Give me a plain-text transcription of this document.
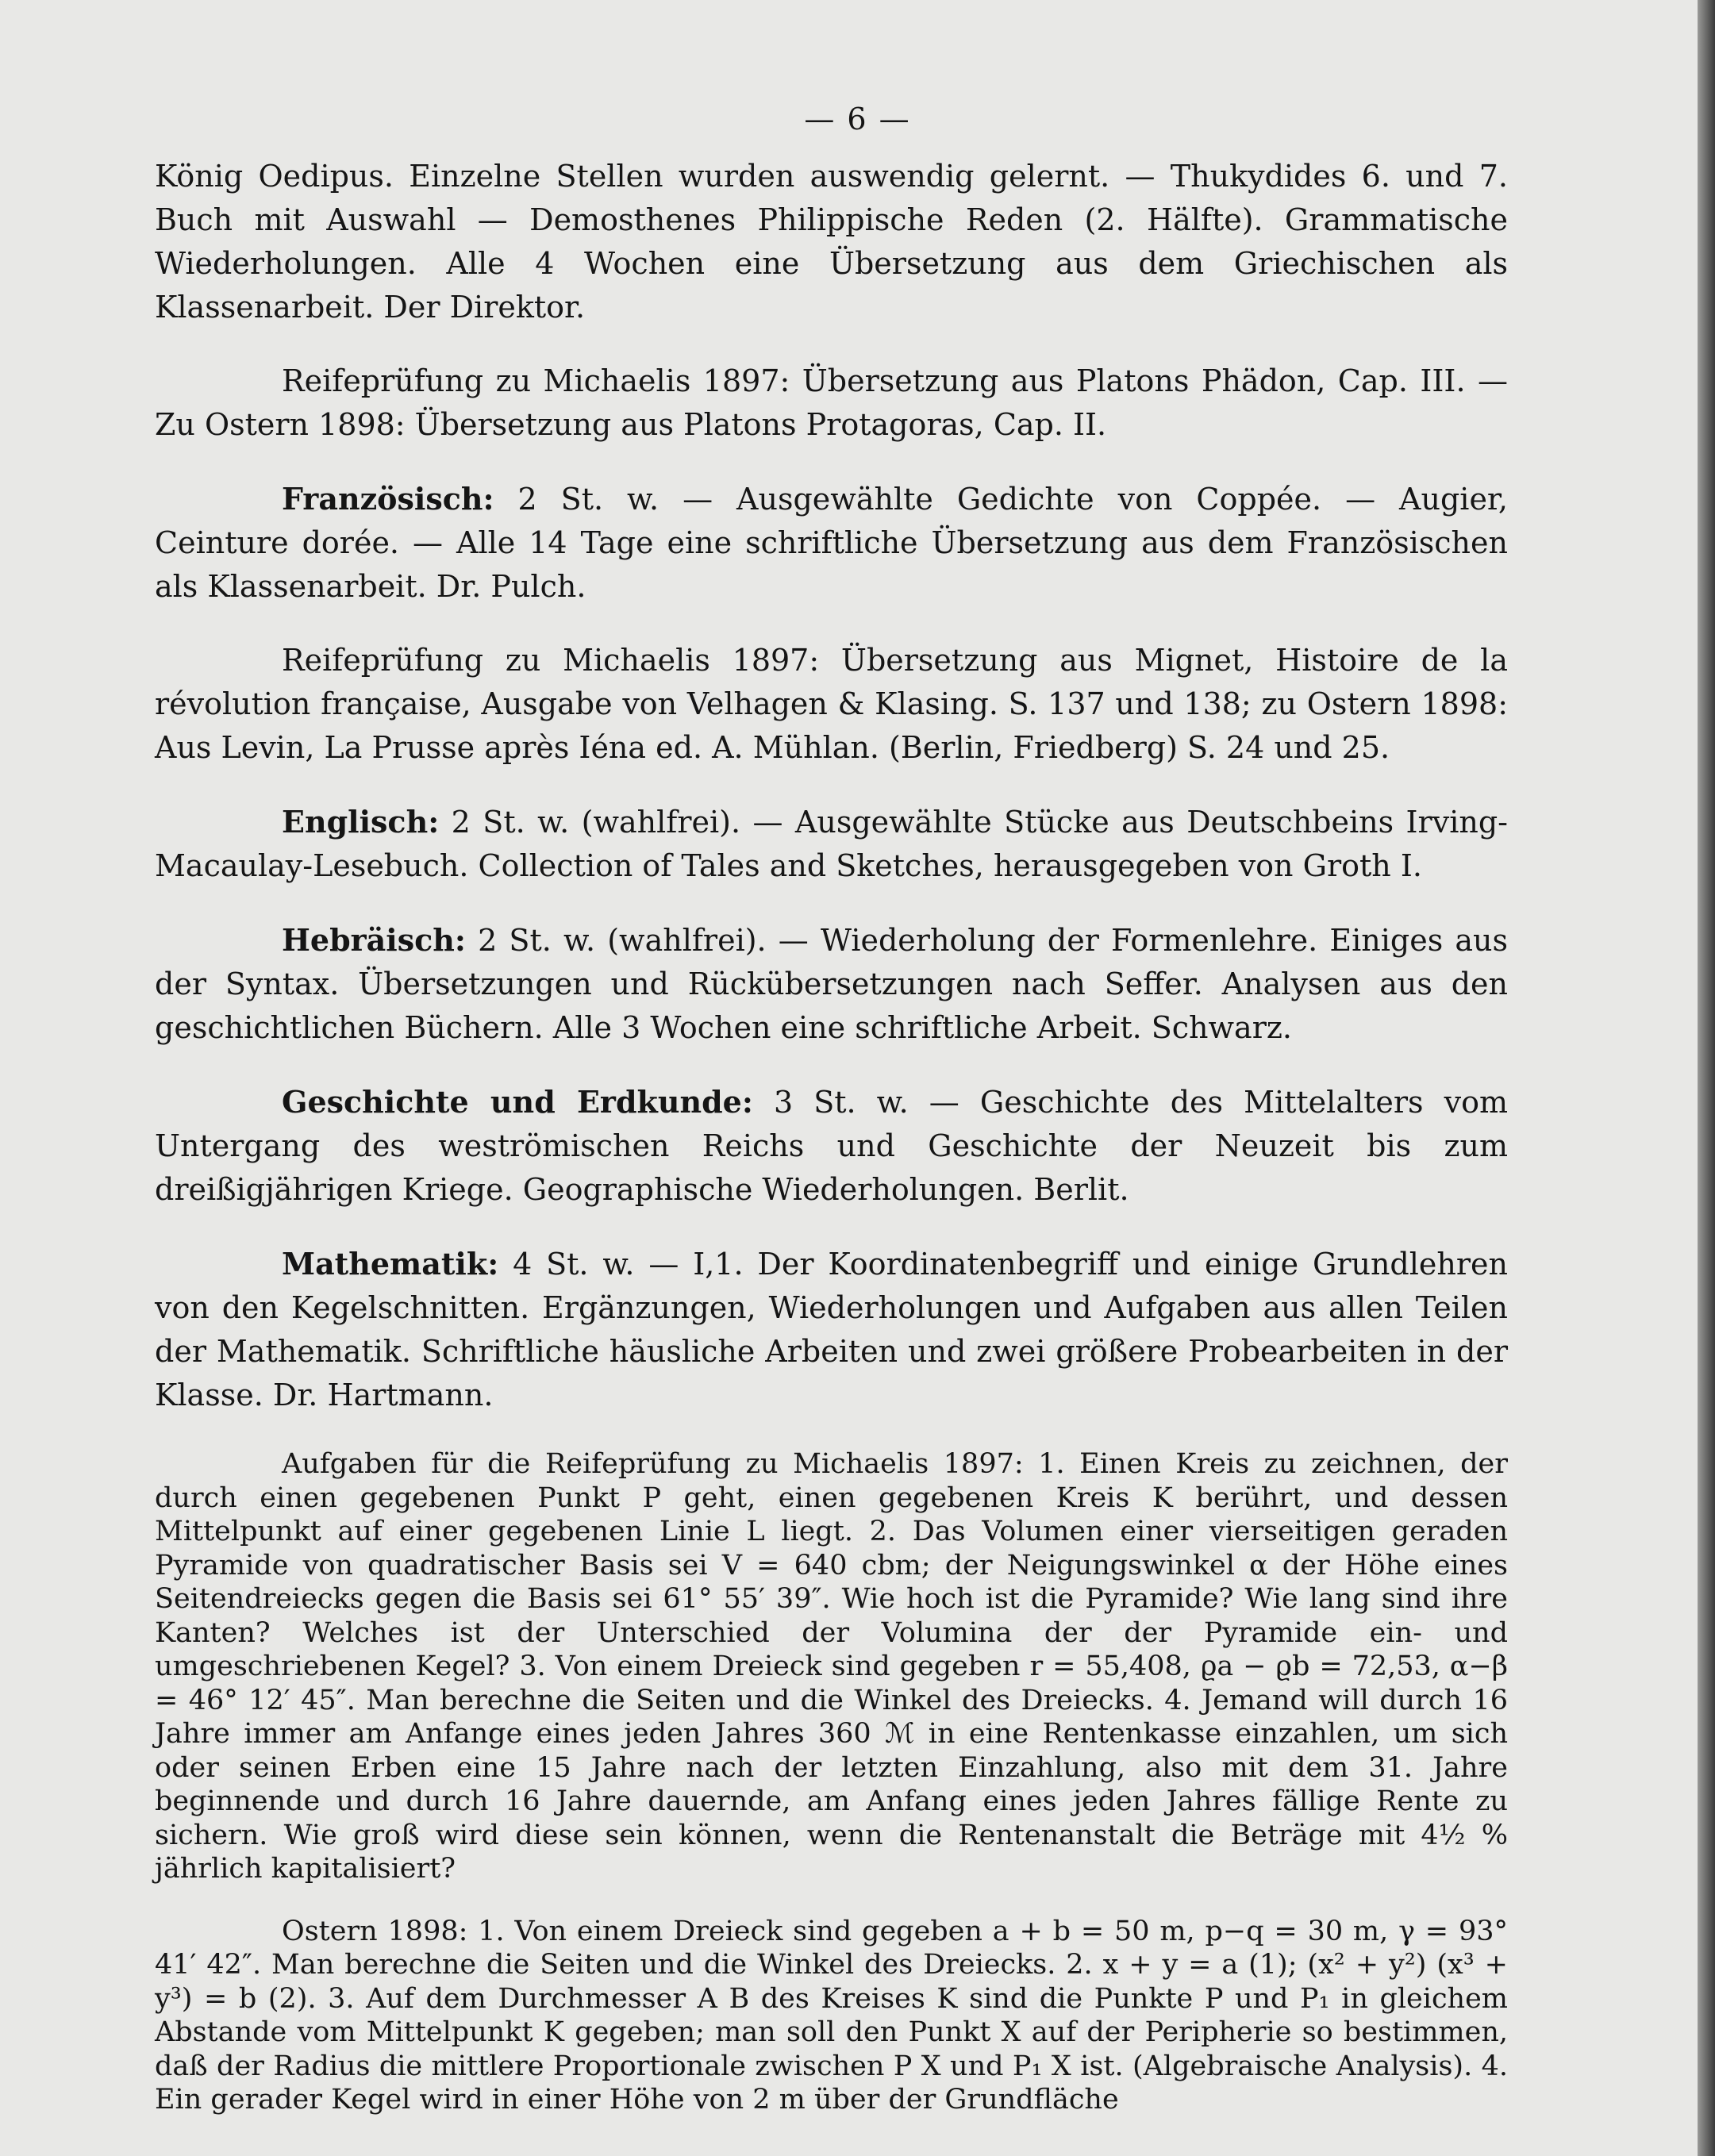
— 6 —

König Oedipus. Einzelne Stellen wurden auswendig gelernt. — Thukydides 6. und 7. Buch mit Auswahl — Demosthenes Philippische Reden (2. Hälfte). Grammatische Wiederholungen. Alle 4 Wochen eine Übersetzung aus dem Griechischen als Klassenarbeit. Der Direktor.

Reifeprüfung zu Michaelis 1897: Übersetzung aus Platons Phädon, Cap. III. — Zu Ostern 1898: Übersetzung aus Platons Protagoras, Cap. II.

Französisch: 2 St. w. — Ausgewählte Gedichte von Coppée. — Augier, Ceinture dorée. — Alle 14 Tage eine schriftliche Übersetzung aus dem Französischen als Klassenarbeit. Dr. Pulch.

Reifeprüfung zu Michaelis 1897: Übersetzung aus Mignet, Histoire de la révolution française, Ausgabe von Velhagen & Klasing. S. 137 und 138; zu Ostern 1898: Aus Levin, La Prusse après Iéna ed. A. Mühlan. (Berlin, Friedberg) S. 24 und 25.

Englisch: 2 St. w. (wahlfrei). — Ausgewählte Stücke aus Deutschbeins Irving-Macaulay-Lesebuch. Collection of Tales and Sketches, herausgegeben von Groth I.

Hebräisch: 2 St. w. (wahlfrei). — Wiederholung der Formenlehre. Einiges aus der Syntax. Übersetzungen und Rückübersetzungen nach Seffer. Analysen aus den geschichtlichen Büchern. Alle 3 Wochen eine schriftliche Arbeit. Schwarz.

Geschichte und Erdkunde: 3 St. w. — Geschichte des Mittelalters vom Untergang des weströmischen Reichs und Geschichte der Neuzeit bis zum dreißigjährigen Kriege. Geographische Wiederholungen. Berlit.

Mathematik: 4 St. w. — I,1. Der Koordinatenbegriff und einige Grundlehren von den Kegelschnitten. Ergänzungen, Wiederholungen und Aufgaben aus allen Teilen der Mathematik. Schriftliche häusliche Arbeiten und zwei größere Probearbeiten in der Klasse. Dr. Hartmann.

Aufgaben für die Reifeprüfung zu Michaelis 1897: 1. Einen Kreis zu zeichnen, der durch einen gegebenen Punkt P geht, einen gegebenen Kreis K berührt, und dessen Mittelpunkt auf einer gegebenen Linie L liegt. 2. Das Volumen einer vierseitigen geraden Pyramide von quadratischer Basis sei V = 640 cbm; der Neigungswinkel α der Höhe eines Seitendreiecks gegen die Basis sei 61° 55′ 39″. Wie hoch ist die Pyramide? Wie lang sind ihre Kanten? Welches ist der Unterschied der Volumina der der Pyramide ein- und umgeschriebenen Kegel? 3. Von einem Dreieck sind gegeben r = 55,408, ϱa − ϱb = 72,53, α−β = 46° 12′ 45″. Man berechne die Seiten und die Winkel des Dreiecks. 4. Jemand will durch 16 Jahre immer am Anfange eines jeden Jahres 360 ℳ in eine Rentenkasse einzahlen, um sich oder seinen Erben eine 15 Jahre nach der letzten Einzahlung, also mit dem 31. Jahre beginnende und durch 16 Jahre dauernde, am Anfang eines jeden Jahres fällige Rente zu sichern. Wie groß wird diese sein können, wenn die Rentenanstalt die Beträge mit 4½ % jährlich kapitalisiert?

Ostern 1898: 1. Von einem Dreieck sind gegeben a + b = 50 m, p−q = 30 m, γ = 93° 41′ 42″. Man berechne die Seiten und die Winkel des Dreiecks. 2. x + y = a (1); (x² + y²) (x³ + y³) = b (2). 3. Auf dem Durchmesser A B des Kreises K sind die Punkte P und P₁ in gleichem Abstande vom Mittelpunkt K gegeben; man soll den Punkt X auf der Peripherie so bestimmen, daß der Radius die mittlere Proportionale zwischen P X und P₁ X ist. (Algebraische Analysis). 4. Ein gerader Kegel wird in einer Höhe von 2 m über der Grundfläche
